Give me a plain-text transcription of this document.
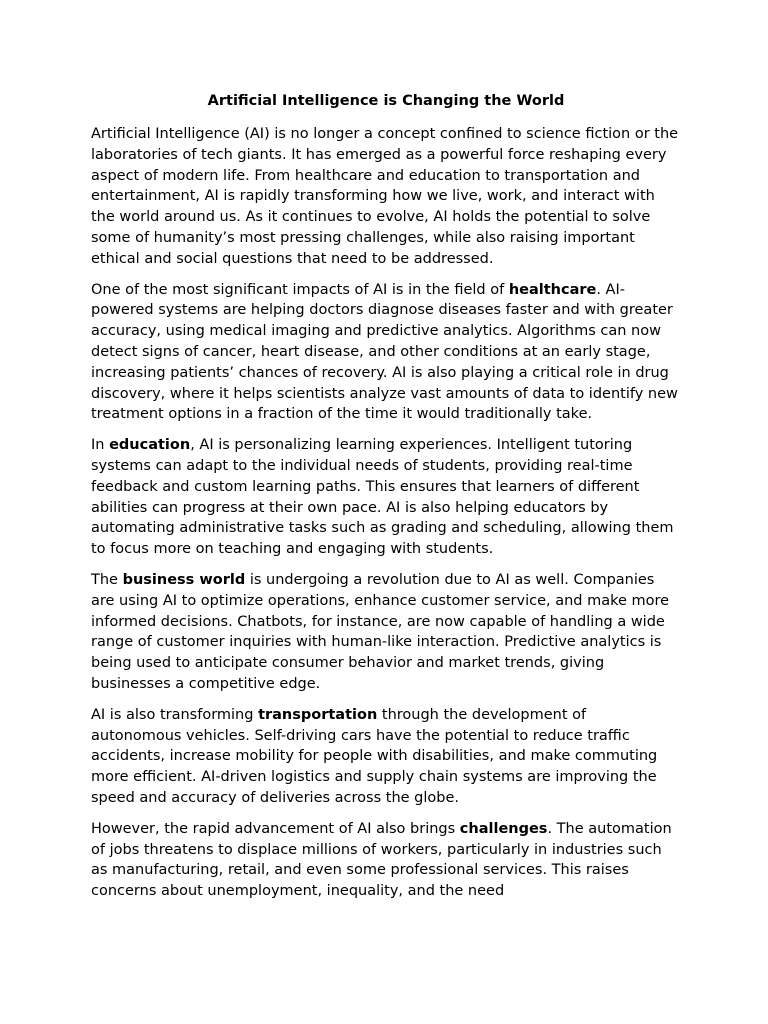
Artificial Intelligence is Changing the World

Artificial Intelligence (AI) is no longer a concept confined to science fiction or the laboratories of tech giants. It has emerged as a powerful force reshaping every aspect of modern life. From healthcare and education to transportation and entertainment, AI is rapidly transforming how we live, work, and interact with the world around us. As it continues to evolve, AI holds the potential to solve some of humanity’s most pressing challenges, while also raising important ethical and social questions that need to be addressed.

One of the most significant impacts of AI is in the field of healthcare. AI-powered systems are helping doctors diagnose diseases faster and with greater accuracy, using medical imaging and predictive analytics. Algorithms can now detect signs of cancer, heart disease, and other conditions at an early stage, increasing patients’ chances of recovery. AI is also playing a critical role in drug discovery, where it helps scientists analyze vast amounts of data to identify new treatment options in a fraction of the time it would traditionally take.

In education, AI is personalizing learning experiences. Intelligent tutoring systems can adapt to the individual needs of students, providing real-time feedback and custom learning paths. This ensures that learners of different abilities can progress at their own pace. AI is also helping educators by automating administrative tasks such as grading and scheduling, allowing them to focus more on teaching and engaging with students.

The business world is undergoing a revolution due to AI as well. Companies are using AI to optimize operations, enhance customer service, and make more informed decisions. Chatbots, for instance, are now capable of handling a wide range of customer inquiries with human-like interaction. Predictive analytics is being used to anticipate consumer behavior and market trends, giving businesses a competitive edge.

AI is also transforming transportation through the development of autonomous vehicles. Self-driving cars have the potential to reduce traffic accidents, increase mobility for people with disabilities, and make commuting more efficient. AI-driven logistics and supply chain systems are improving the speed and accuracy of deliveries across the globe.

However, the rapid advancement of AI also brings challenges. The automation of jobs threatens to displace millions of workers, particularly in industries such as manufacturing, retail, and even some professional services. This raises concerns about unemployment, inequality, and the need
